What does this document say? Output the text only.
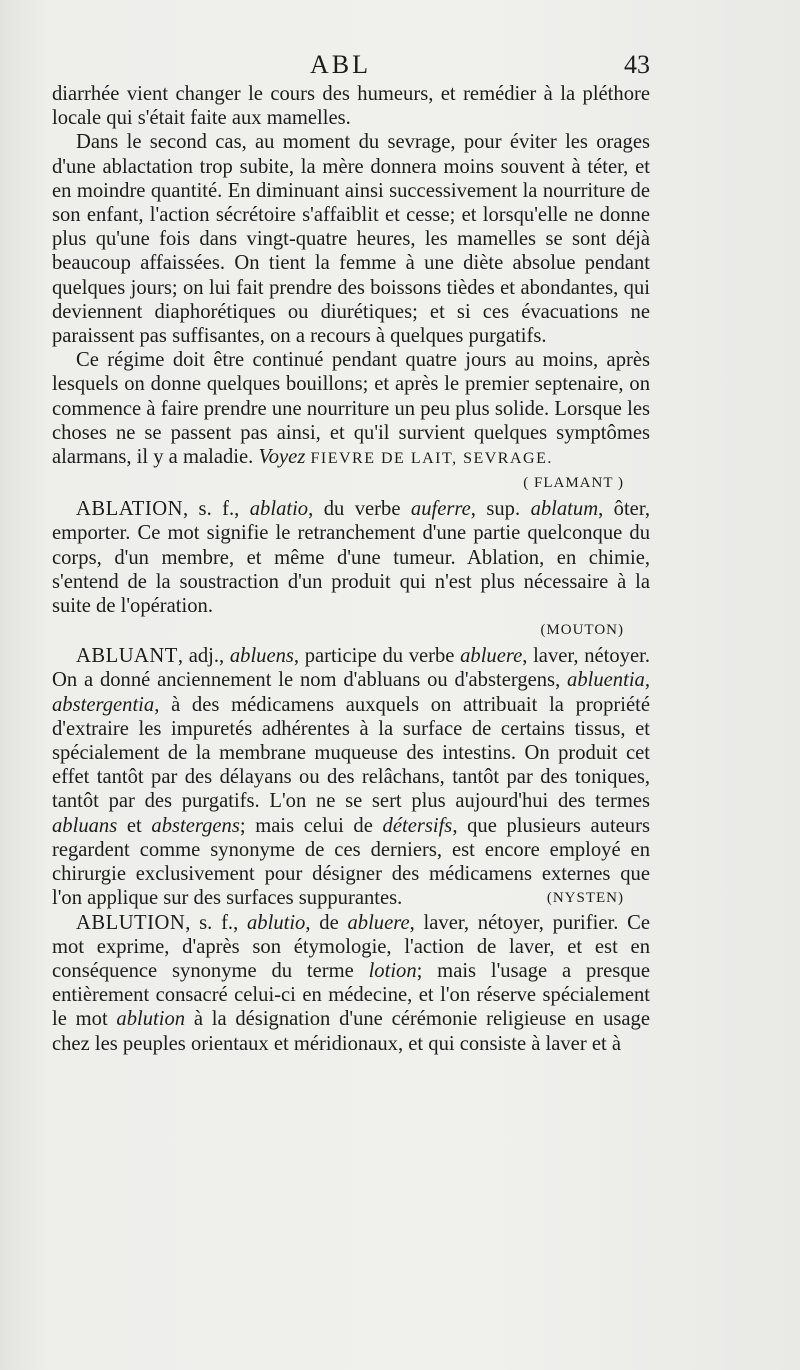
ABL	43

diarrhée vient changer le cours des humeurs, et remédier à la pléthore locale qui s'était faite aux mamelles.

Dans le second cas, au moment du sevrage, pour éviter les orages d'une ablactation trop subite, la mère donnera moins souvent à téter, et en moindre quantité. En diminuant ainsi successivement la nourriture de son enfant, l'action sécrétoire s'affaiblit et cesse; et lorsqu'elle ne donne plus qu'une fois dans vingt-quatre heures, les mamelles se sont déjà beaucoup affaissées. On tient la femme à une diète absolue pendant quelques jours; on lui fait prendre des boissons tièdes et abondantes, qui deviennent diaphorétiques ou diurétiques; et si ces évacuations ne paraissent pas suffisantes, on a recours à quelques purgatifs.

Ce régime doit être continué pendant quatre jours au moins, après lesquels on donne quelques bouillons; et après le premier septenaire, on commence à faire prendre une nourriture un peu plus solide. Lorsque les choses ne se passent pas ainsi, et qu'il survient quelques symptômes alarmans, il y a maladie. Voyez FIEVRE DE LAIT, SEVRAGE.

( FLAMANT )

ABLATION, s. f., ablatio, du verbe auferre, sup. ablatum, ôter, emporter. Ce mot signifie le retranchement d'une partie quelconque du corps, d'un membre, et même d'une tumeur. Ablation, en chimie, s'entend de la soustraction d'un produit qui n'est plus nécessaire à la suite de l'opération.

(MOUTON)

ABLUANT, adj., abluens, participe du verbe abluere, laver, nétoyer. On a donné anciennement le nom d'abluans ou d'abstergens, abluentia, abstergentia, à des médicamens auxquels on attribuait la propriété d'extraire les impuretés adhérentes à la surface de certains tissus, et spécialement de la membrane muqueuse des intestins. On produit cet effet tantôt par des délayans ou des relâchans, tantôt par des toniques, tantôt par des purgatifs. L'on ne se sert plus aujourd'hui des termes abluans et abstergens; mais celui de détersifs, que plusieurs auteurs regardent comme synonyme de ces derniers, est encore employé en chirurgie exclusivement pour désigner des médicamens externes que l'on applique sur des surfaces suppurantes.	(NYSTEN)

ABLUTION, s. f., ablutio, de abluere, laver, nétoyer, purifier. Ce mot exprime, d'après son étymologie, l'action de laver, et est en conséquence synonyme du terme lotion; mais l'usage a presque entièrement consacré celui-ci en médecine, et l'on réserve spécialement le mot ablution à la désignation d'une cérémonie religieuse en usage chez les peuples orientaux et méridionaux, et qui consiste à laver et à
